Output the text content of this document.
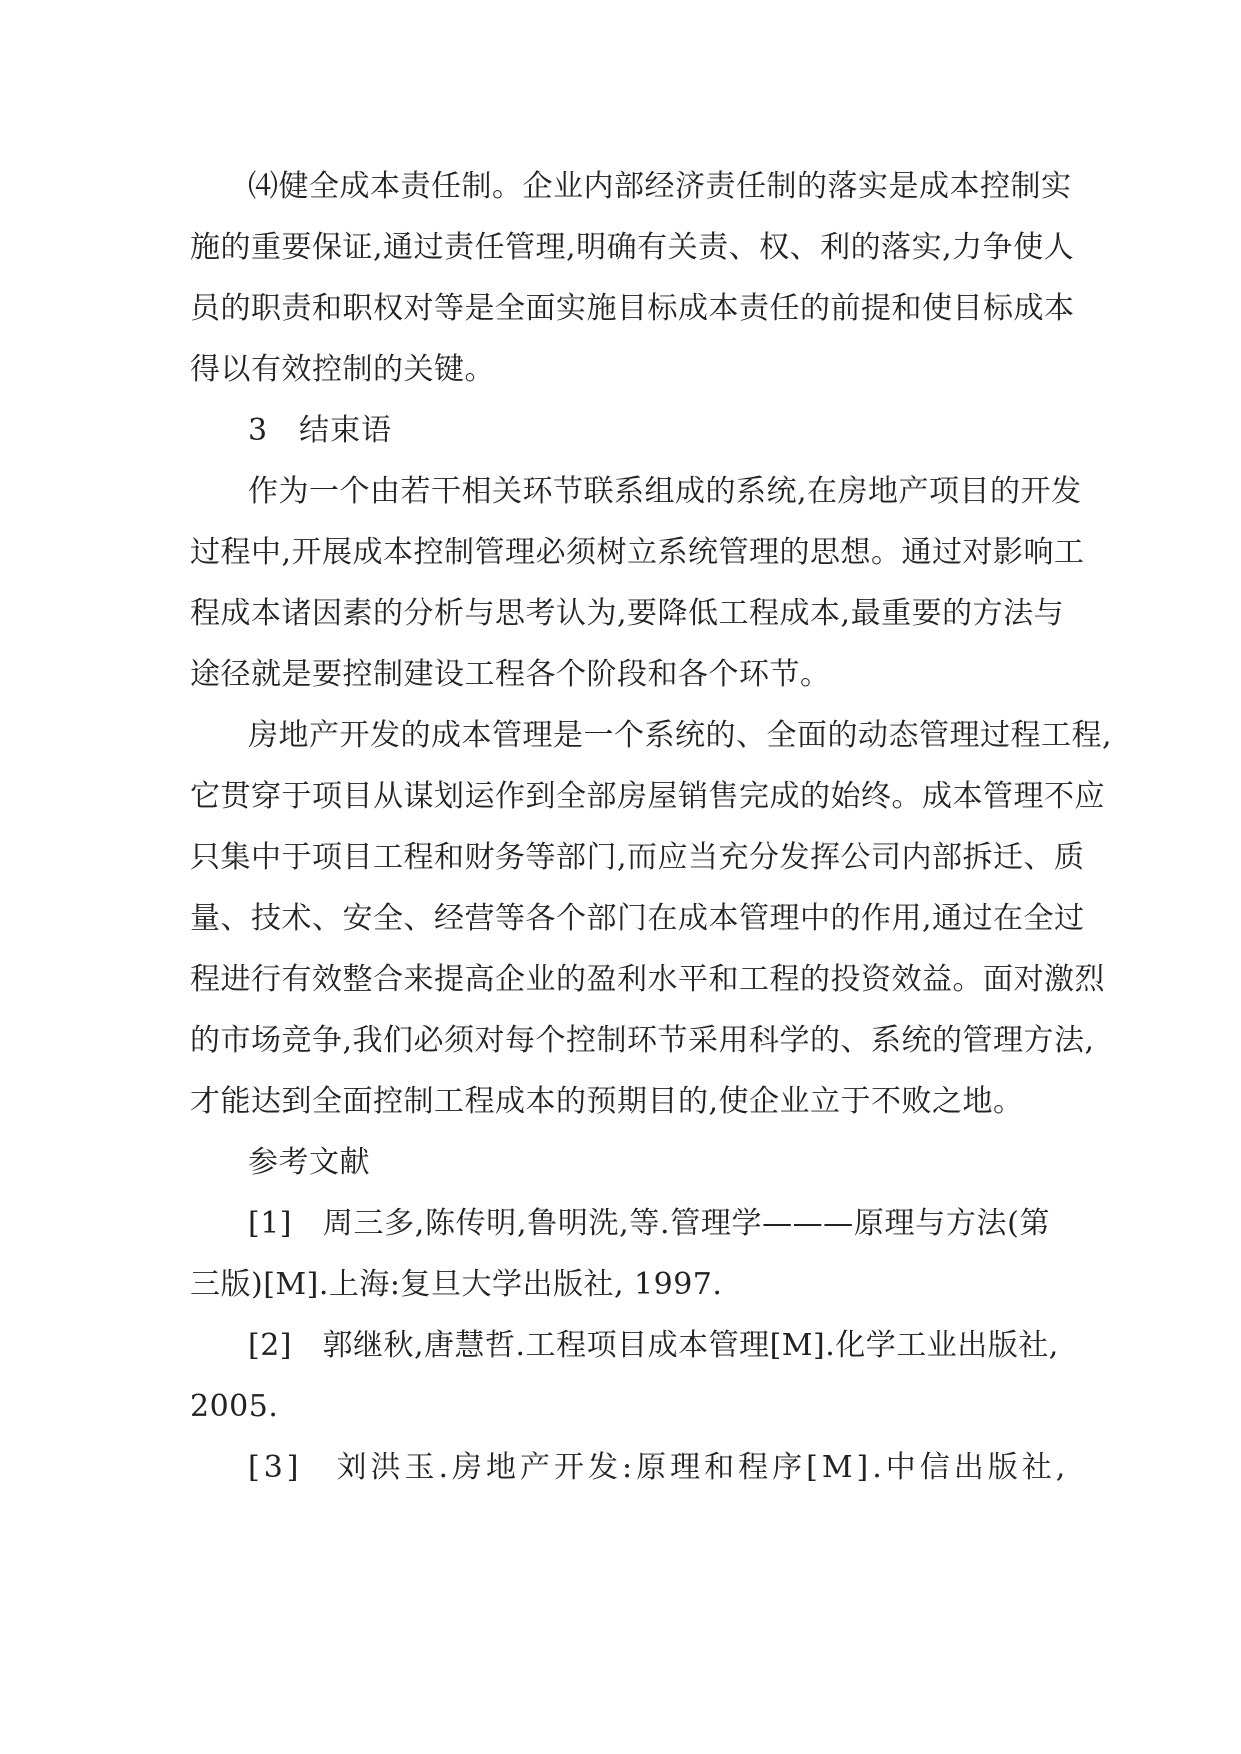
⑷健全成本责任制。企业内部经济责任制的落实是成本控制实
施的重要保证,通过责任管理,明确有关责、权、利的落实,力争使人
员的职责和职权对等是全面实施目标成本责任的前提和使目标成本
得以有效控制的关键。
3　结束语
作为一个由若干相关环节联系组成的系统,在房地产项目的开发
过程中,开展成本控制管理必须树立系统管理的思想。通过对影响工
程成本诸因素的分析与思考认为,要降低工程成本,最重要的方法与
途径就是要控制建设工程各个阶段和各个环节。
房地产开发的成本管理是一个系统的、全面的动态管理过程工程,
它贯穿于项目从谋划运作到全部房屋销售完成的始终。成本管理不应
只集中于项目工程和财务等部门,而应当充分发挥公司内部拆迁、质
量、技术、安全、经营等各个部门在成本管理中的作用,通过在全过
程进行有效整合来提高企业的盈利水平和工程的投资效益。面对激烈
的市场竞争,我们必须对每个控制环节采用科学的、系统的管理方法,
才能达到全面控制工程成本的预期目的,使企业立于不败之地。
参考文献
[1]　周三多,陈传明,鲁明洗,等.管理学———原理与方法(第
三版)[M].上海:复旦大学出版社, 1997.
[2]　郭继秋,唐慧哲.工程项目成本管理[M].化学工业出版社,
2005.
[3]　刘洪玉.房地产开发:原理和程序[M].中信出版社,
